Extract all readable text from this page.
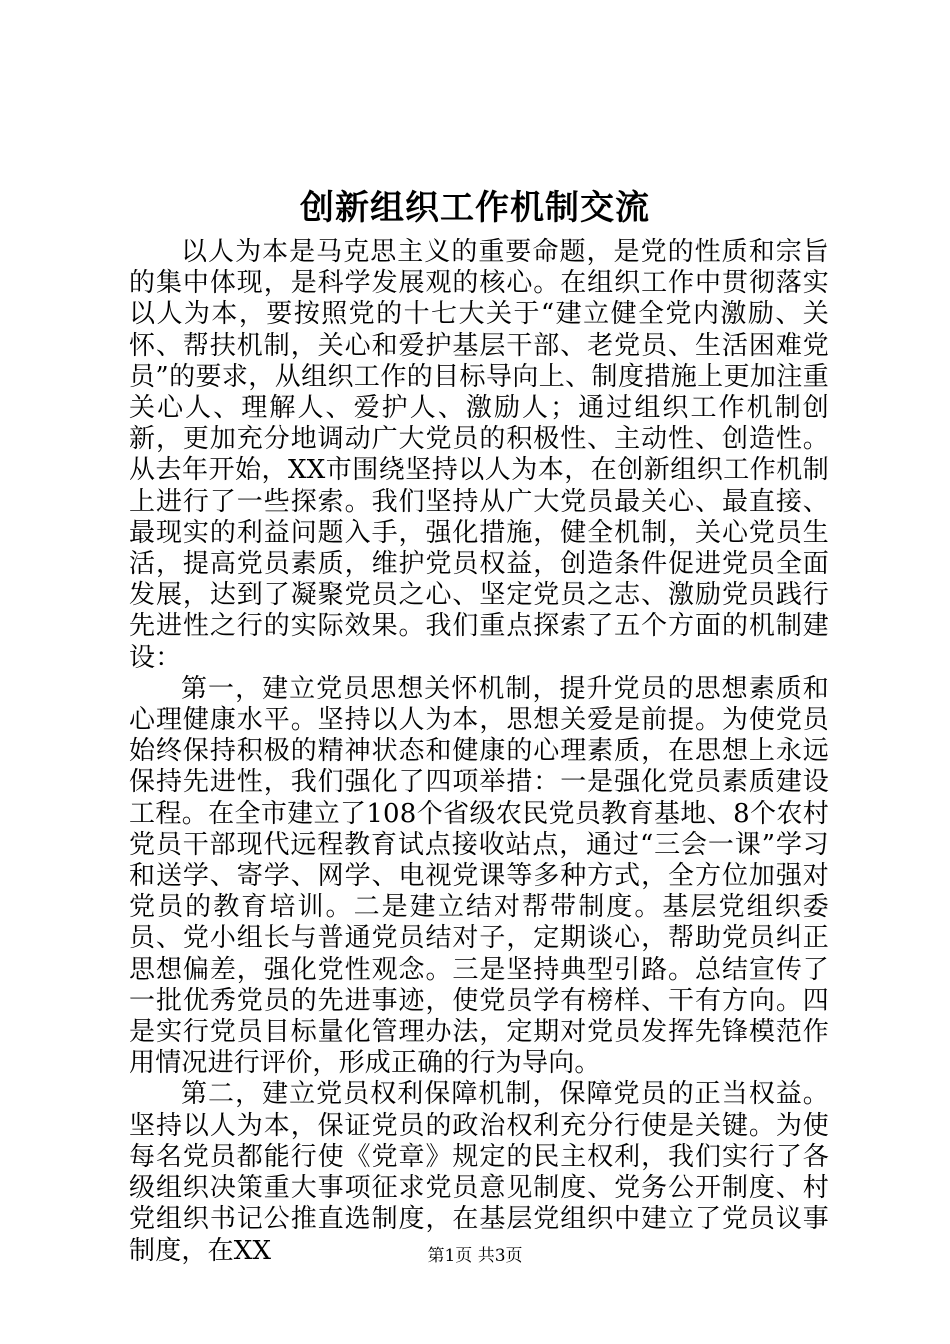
创新组织工作机制交流

以人为本是马克思主义的重要命题，是党的性质和宗旨的集中体现，是科学发展观的核心。在组织工作中贯彻落实以人为本，要按照党的十七大关于“建立健全党内激励、关怀、帮扶机制，关心和爱护基层干部、老党员、生活困难党员”的要求，从组织工作的目标导向上、制度措施上更加注重关心人、理解人、爱护人、激励人；通过组织工作机制创新，更加充分地调动广大党员的积极性、主动性、创造性。从去年开始，XX市围绕坚持以人为本，在创新组织工作机制上进行了一些探索。我们坚持从广大党员最关心、最直接、最现实的利益问题入手，强化措施，健全机制，关心党员生活，提高党员素质，维护党员权益，创造条件促进党员全面发展，达到了凝聚党员之心、坚定党员之志、激励党员践行先进性之行的实际效果。我们重点探索了五个方面的机制建设：

第一，建立党员思想关怀机制，提升党员的思想素质和心理健康水平。坚持以人为本，思想关爱是前提。为使党员始终保持积极的精神状态和健康的心理素质，在思想上永远保持先进性，我们强化了四项举措：一是强化党员素质建设工程。在全市建立了108个省级农民党员教育基地、8个农村党员干部现代远程教育试点接收站点，通过“三会一课”学习和送学、寄学、网学、电视党课等多种方式，全方位加强对党员的教育培训。二是建立结对帮带制度。基层党组织委员、党小组长与普通党员结对子，定期谈心，帮助党员纠正思想偏差，强化党性观念。三是坚持典型引路。总结宣传了一批优秀党员的先进事迹，使党员学有榜样、干有方向。四是实行党员目标量化管理办法，定期对党员发挥先锋模范作用情况进行评价，形成正确的行为导向。

第二，建立党员权利保障机制，保障党员的正当权益。坚持以人为本，保证党员的政治权利充分行使是关键。为使每名党员都能行使《党章》规定的民主权利，我们实行了各级组织决策重大事项征求党员意见制度、党务公开制度、村党组织书记公推直选制度，在基层党组织中建立了党员议事制度，在XX	第1页 共3页
